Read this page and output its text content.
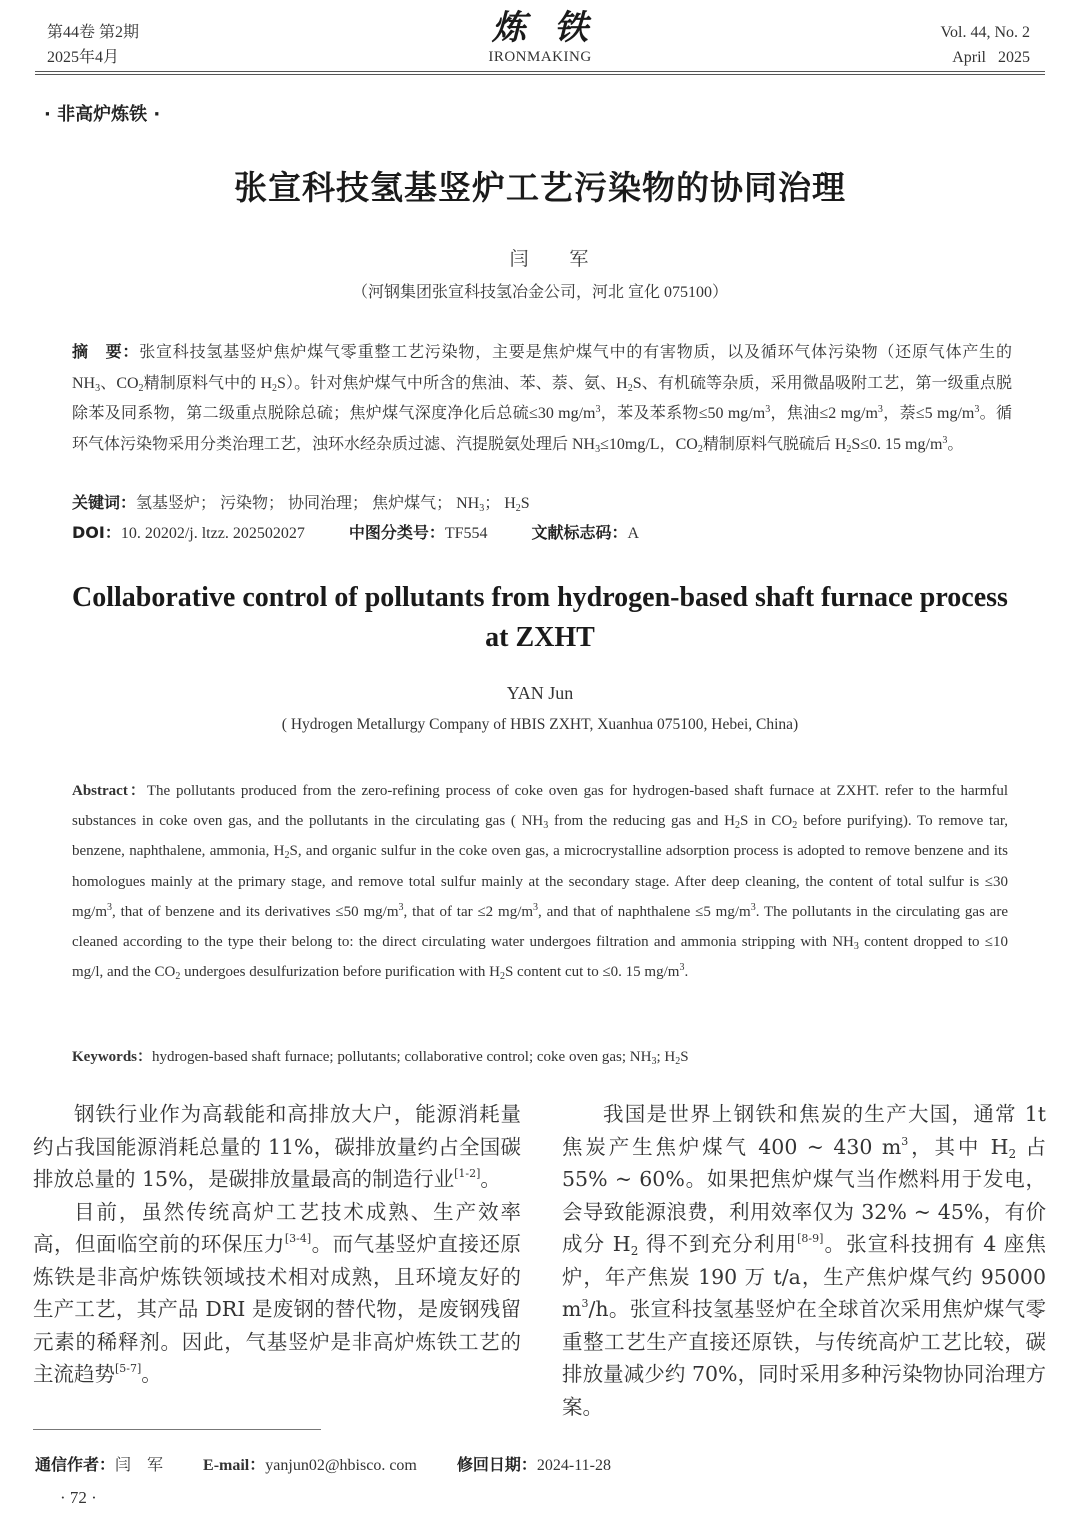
第44卷 第2期
2025年4月
炼铁
IRONMAKING
Vol. 44, No. 2
April   2025
· 非高炉炼铁 ·
张宣科技氢基竖炉工艺污染物的协同治理
闫 军
（河钢集团张宣科技氢冶金公司，河北 宣化 075100）
摘　要：张宣科技氢基竖炉焦炉煤气零重整工艺污染物，主要是焦炉煤气中的有害物质，以及循环气体污染物（还原气体产生的 $NH_3$、$CO_2$精制原料气中的 $H_2S$）。针对焦炉煤气中所含的焦油、苯、萘、氨、$H_2S$、有机硫等杂质，采用微晶吸附工艺，第一级重点脱除苯及同系物，第二级重点脱除总硫；焦炉煤气深度净化后总硫≤30 $mg/m^3$，苯及苯系物≤50 $mg/m^3$，焦油≤2 $mg/m^3$，萘≤5 $mg/m^3$。循环气体污染物采用分类治理工艺，浊环水经杂质过滤、汽提脱氨处理后 $NH_3\le 10mg/L$，$CO_2$精制原料气脱硫后 $H_2S\le 0$. 15 $mg/m^3$。
关键词：氢基竖炉； 污染物； 协同治理； 焦炉煤气； $NH_3$； $H_2S$
DOI：10. 20202/j. ltzz. 202502027	中图分类号：TF554	文献标志码：A
Collaborative control of pollutants from hydrogen-based shaft furnace process at ZXHT
YAN Jun
( Hydrogen Metallurgy Company of HBIS ZXHT, Xuanhua 075100, Hebei, China)
Abstract：The pollutants produced from the zero-refining process of coke oven gas for hydrogen-based shaft furnace at ZXHT. refer to the harmful substances in coke oven gas, and the pollutants in the circulating gas ( $NH_3$ from the reducing gas and $H_2S$ in $CO_2$ before purifying). To remove tar, benzene, naphthalene, ammonia, $H_2S$, and organic sulfur in the coke oven gas, a microcrystalline adsorption process is adopted to remove benzene and its homologues mainly at the primary stage, and remove total sulfur mainly at the secondary stage. After deep cleaning, the content of total sulfur is ≤30 $mg/m^3$, that of benzene and its derivatives ≤50 $mg/m^3$, that of tar ≤2 $mg/m^3$, and that of naphthalene ≤5 $mg/m^3$. The pollutants in the circulating gas are cleaned according to the type their belong to: the direct circulating water undergoes filtration and ammonia stripping with $NH_3$ content dropped to ≤10 mg/l, and the $CO_2$ undergoes desulfurization before purification with $H_2S$ content cut to ≤0. 15 $mg/m^3$.
Keywords：hydrogen-based shaft furnace; pollutants; collaborative control; coke oven gas; $NH_3$; $H_2S$

钢铁行业作为高载能和高排放大户，能源消耗量约占我国能源消耗总量的 11%，碳排放量约占全国碳排放总量的 15%，是碳排放量最高的制造行业[1-2]。

目前，虽然传统高炉工艺技术成熟、生产效率高，但面临空前的环保压力[3-4]。而气基竖炉直接还原炼铁是非高炉炼铁领域技术相对成熟，且环境友好的生产工艺，其产品 DRI 是废钢的替代物，是废钢残留元素的稀释剂。因此，气基竖炉是非高炉炼铁工艺的主流趋势[5-7]。

我国是世界上钢铁和焦炭的生产大国，通常 1t 焦炭产生焦炉煤气 400 ~ 430 $m^3$，其中 $H_2$ 占 55% ~ 60%。如果把焦炉煤气当作燃料用于发电，会导致能源浪费，利用效率仅为 32% ~ 45%，有价成分 $H_2$ 得不到充分利用[8-9]。张宣科技拥有 4 座焦炉，年产焦炭 190 万 t/a，生产焦炉煤气约 95000 $m^3/h$。张宣科技氢基竖炉在全球首次采用焦炉煤气零重整工艺生产直接还原铁，与传统高炉工艺比较，碳排放量减少约 70%，同时采用多种污染物协同治理方案。

通信作者：闫　军	E-mail：yanjun02@hbisco. com	修回日期：2024-11-28
· 72 ·
